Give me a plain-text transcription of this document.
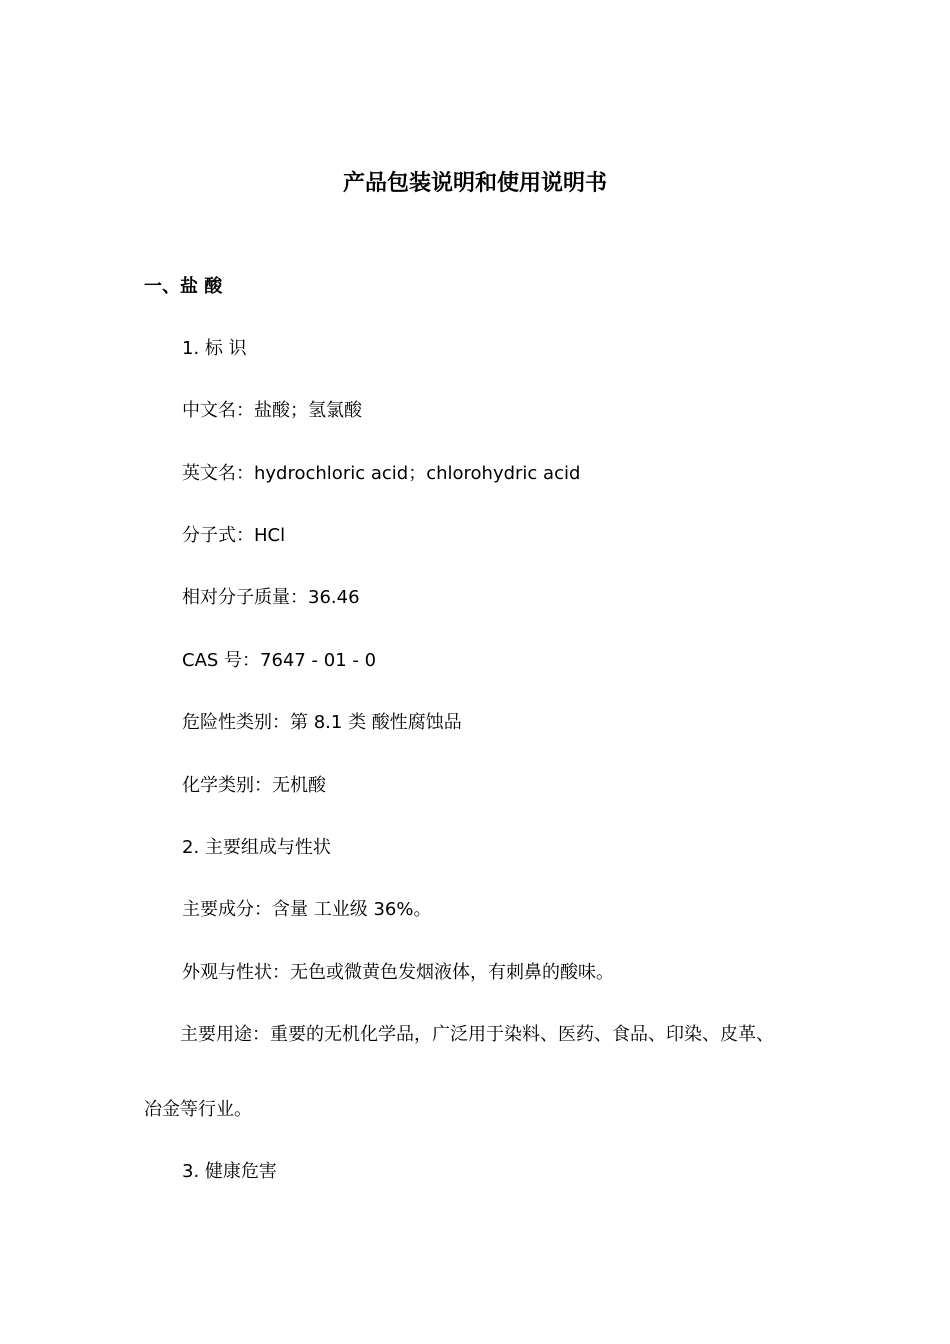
产品包装说明和使用说明书
一、盐 酸
1. 标 识
中文名：盐酸；氢氯酸
英文名：hydrochloric acid；chlorohydric acid
分子式：HCl
相对分子质量：36.46
CAS 号：7647 - 01 - 0
危险性类别：第 8.1 类 酸性腐蚀品
化学类别：无机酸
2. 主要组成与性状
主要成分：含量 工业级 36%。
外观与性状：无色或微黄色发烟液体，有刺鼻的酸味。
主要用途：重要的无机化学品，广泛用于染料、医药、食品、印染、皮革、
冶金等行业。
3. 健康危害
